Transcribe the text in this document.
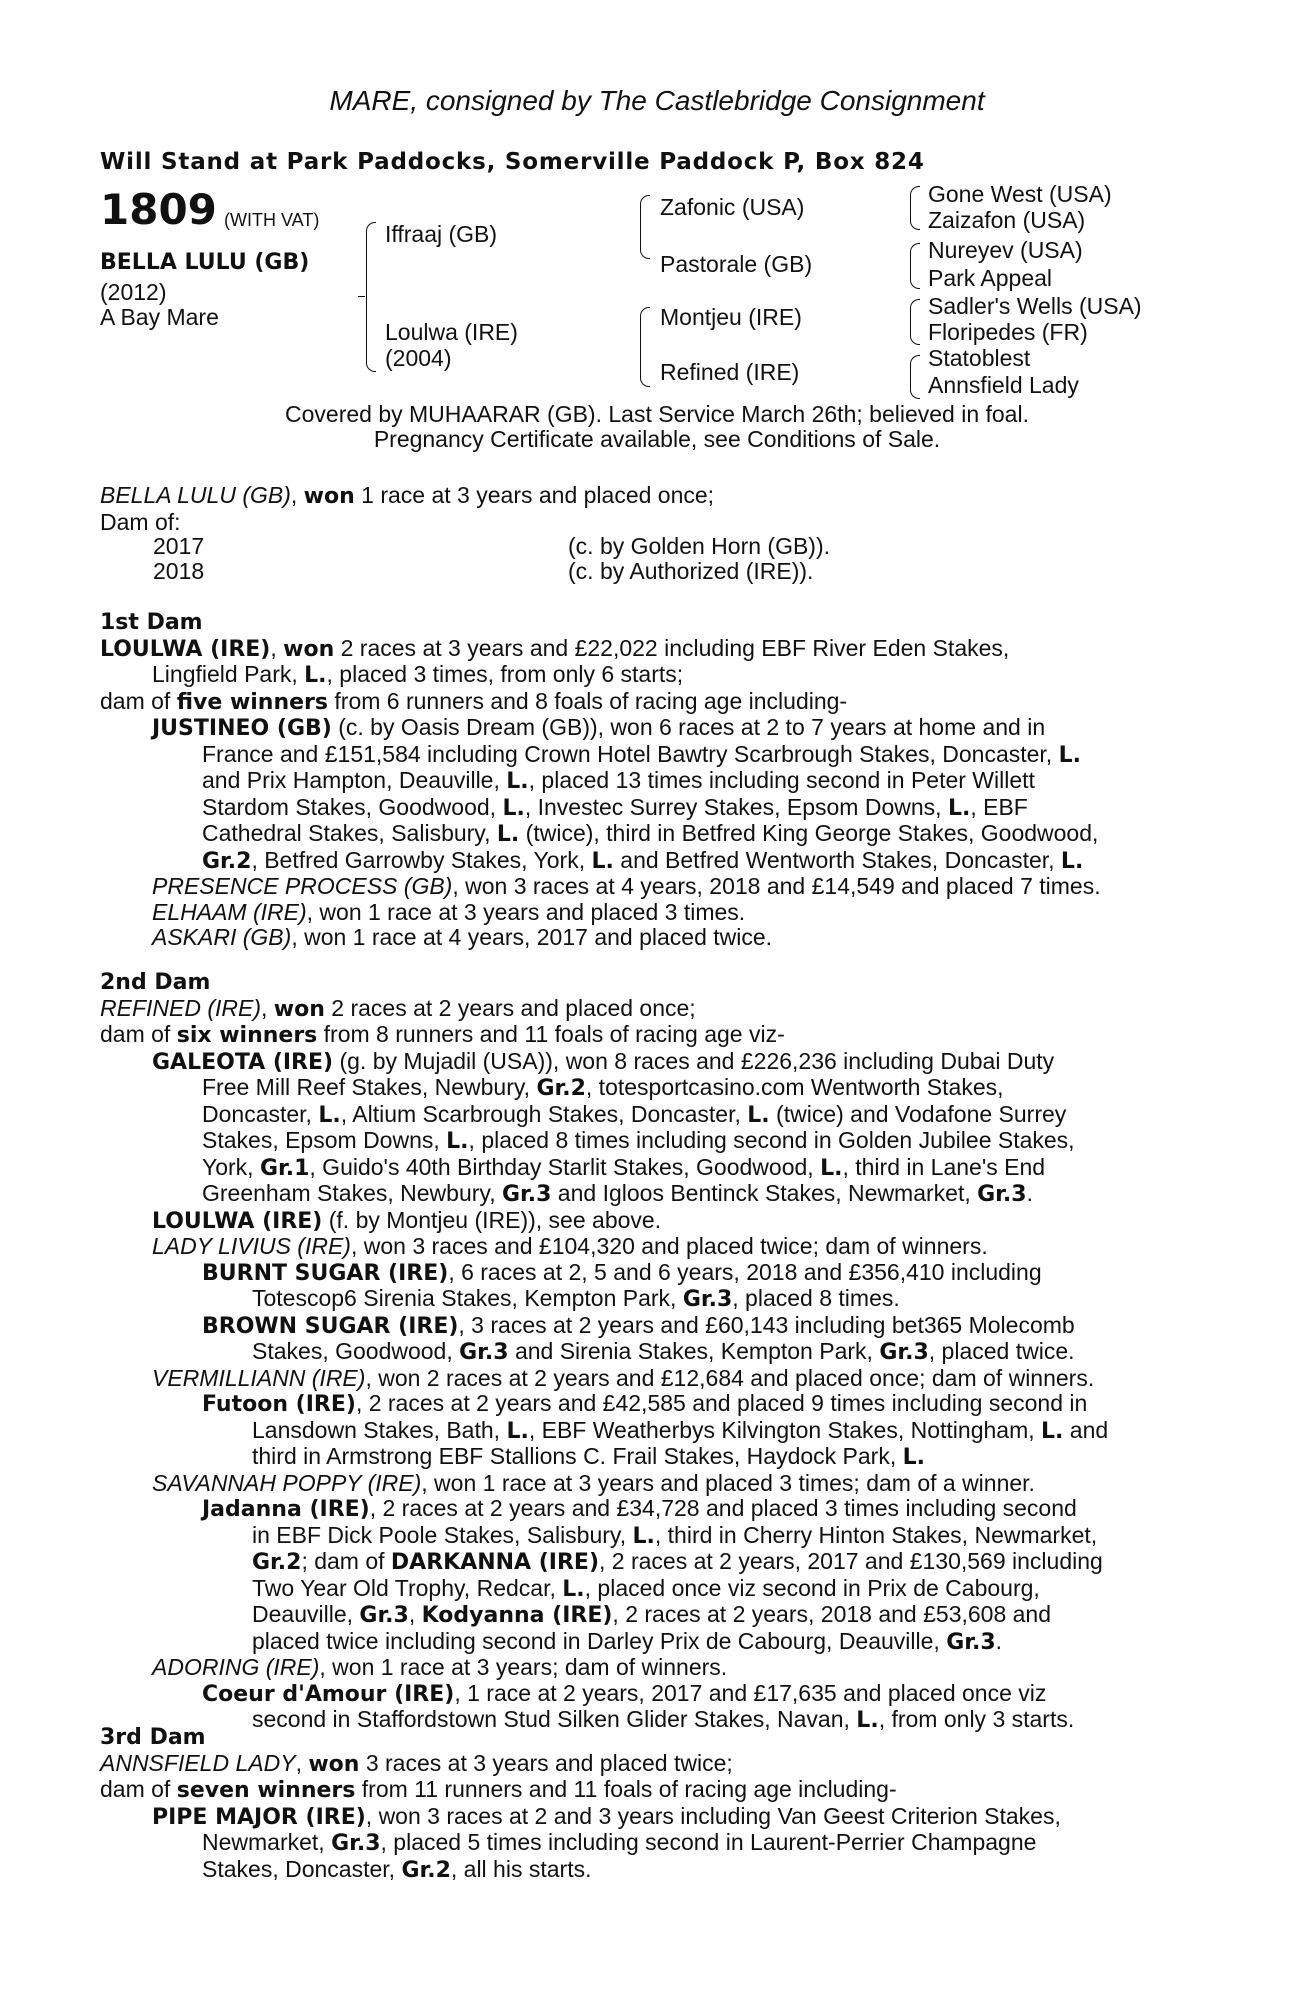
MARE, consigned by The Castlebridge Consignment
Will Stand at Park Paddocks, Somerville Paddock P, Box 824
1809 (WITH VAT)
BELLA LULU (GB)
(2012)
A Bay Mare
Iffraaj (GB)
Loulwa (IRE)
(2004)
Zafonic (USA)
Pastorale (GB)
Montjeu (IRE)
Refined (IRE)
Gone West (USA)
Zaizafon (USA)
Nureyev (USA)
Park Appeal
Sadler's Wells (USA)
Floripedes (FR)
Statoblest
Annsfield Lady
Covered by MUHAARAR (GB). Last Service March 26th; believed in foal.
Pregnancy Certificate available, see Conditions of Sale.
BELLA LULU (GB), won 1 race at 3 years and placed once;
Dam of:
2017	(c. by Golden Horn (GB)).
2018	(c. by Authorized (IRE)).
1st Dam
LOULWA (IRE), won 2 races at 3 years and £22,022 including EBF River Eden Stakes,
Lingfield Park, L., placed 3 times, from only 6 starts;
dam of five winners from 6 runners and 8 foals of racing age including-
JUSTINEO (GB) (c. by Oasis Dream (GB)), won 6 races at 2 to 7 years at home and in
France and £151,584 including Crown Hotel Bawtry Scarbrough Stakes, Doncaster, L.
and Prix Hampton, Deauville, L., placed 13 times including second in Peter Willett
Stardom Stakes, Goodwood, L., Investec Surrey Stakes, Epsom Downs, L., EBF
Cathedral Stakes, Salisbury, L. (twice), third in Betfred King George Stakes, Goodwood,
Gr.2, Betfred Garrowby Stakes, York, L. and Betfred Wentworth Stakes, Doncaster, L.
PRESENCE PROCESS (GB), won 3 races at 4 years, 2018 and £14,549 and placed 7 times.
ELHAAM (IRE), won 1 race at 3 years and placed 3 times.
ASKARI (GB), won 1 race at 4 years, 2017 and placed twice.
2nd Dam
REFINED (IRE), won 2 races at 2 years and placed once;
dam of six winners from 8 runners and 11 foals of racing age viz-
GALEOTA (IRE) (g. by Mujadil (USA)), won 8 races and £226,236 including Dubai Duty
Free Mill Reef Stakes, Newbury, Gr.2, totesportcasino.com Wentworth Stakes,
Doncaster, L., Altium Scarbrough Stakes, Doncaster, L. (twice) and Vodafone Surrey
Stakes, Epsom Downs, L., placed 8 times including second in Golden Jubilee Stakes,
York, Gr.1, Guido's 40th Birthday Starlit Stakes, Goodwood, L., third in Lane's End
Greenham Stakes, Newbury, Gr.3 and Igloos Bentinck Stakes, Newmarket, Gr.3.
LOULWA (IRE) (f. by Montjeu (IRE)), see above.
LADY LIVIUS (IRE), won 3 races and £104,320 and placed twice; dam of winners.
BURNT SUGAR (IRE), 6 races at 2, 5 and 6 years, 2018 and £356,410 including
Totescop6 Sirenia Stakes, Kempton Park, Gr.3, placed 8 times.
BROWN SUGAR (IRE), 3 races at 2 years and £60,143 including bet365 Molecomb
Stakes, Goodwood, Gr.3 and Sirenia Stakes, Kempton Park, Gr.3, placed twice.
VERMILLIANN (IRE), won 2 races at 2 years and £12,684 and placed once; dam of winners.
Futoon (IRE), 2 races at 2 years and £42,585 and placed 9 times including second in
Lansdown Stakes, Bath, L., EBF Weatherbys Kilvington Stakes, Nottingham, L. and
third in Armstrong EBF Stallions C. Frail Stakes, Haydock Park, L.
SAVANNAH POPPY (IRE), won 1 race at 3 years and placed 3 times; dam of a winner.
Jadanna (IRE), 2 races at 2 years and £34,728 and placed 3 times including second
in EBF Dick Poole Stakes, Salisbury, L., third in Cherry Hinton Stakes, Newmarket,
Gr.2; dam of DARKANNA (IRE), 2 races at 2 years, 2017 and £130,569 including
Two Year Old Trophy, Redcar, L., placed once viz second in Prix de Cabourg,
Deauville, Gr.3, Kodyanna (IRE), 2 races at 2 years, 2018 and £53,608 and
placed twice including second in Darley Prix de Cabourg, Deauville, Gr.3.
ADORING (IRE), won 1 race at 3 years; dam of winners.
Coeur d'Amour (IRE), 1 race at 2 years, 2017 and £17,635 and placed once viz
second in Staffordstown Stud Silken Glider Stakes, Navan, L., from only 3 starts.
3rd Dam
ANNSFIELD LADY, won 3 races at 3 years and placed twice;
dam of seven winners from 11 runners and 11 foals of racing age including-
PIPE MAJOR (IRE), won 3 races at 2 and 3 years including Van Geest Criterion Stakes,
Newmarket, Gr.3, placed 5 times including second in Laurent-Perrier Champagne
Stakes, Doncaster, Gr.2, all his starts.
